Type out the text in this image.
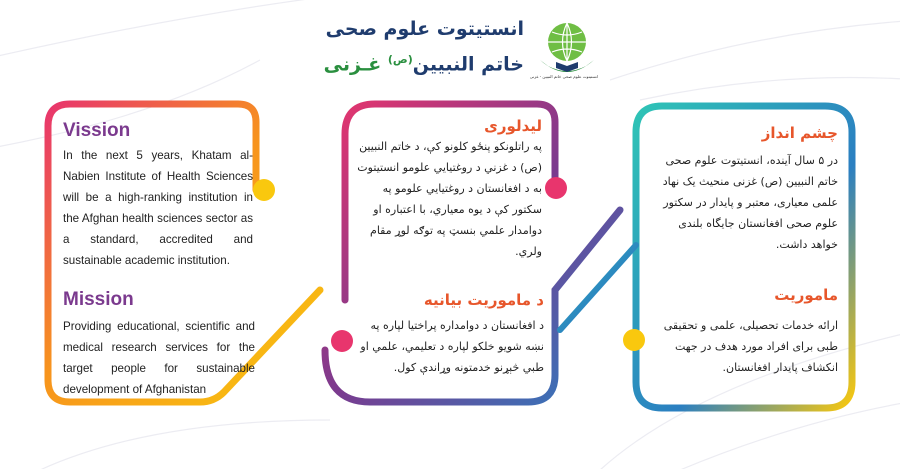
انستیتوت علوم صحی خاتم النبیین - غزنی
انستیتوت علوم صحی
خاتم النبیین$^{(ص)}$ غـزنی
Vission
In the next 5 years, Khatam al-Nabien Institute of Health Sciences will be a high-ranking institution in the Afghan health sciences sector as a standard, accredited and sustainable academic institution.
Mission
Providing educational, scientific and medical research services for the target people for sustainable development of Afghanistan
لیدلوری
په راتلونکو پنځو کلونو کې، د خاتم النبیین (ص) د غزني د روغتیایي علومو انستیتوت به د افغانستان د روغتیایي علومو په سکتور کې د یوه معیاري، با اعتباره او دوامدار علمي بنسټ په توګه لوړ مقام ولري.
د ماموریت بیانیه
د افغانستان د دوامداره پراختیا لپاره په نښه شویو خلکو لپاره د تعلیمي، علمي او طبي څېړنو خدمتونه وړاندې کول.
چشم انداز
در ۵ سال آینده، انستیتوت علوم صحی خاتم النبیین (ص) غزنی منحیث یک نهاد علمی معیاری، معتبر و پایدار در سکتور علوم صحی افغانستان جایگاه بلندی خواهد داشت.
ماموریت
ارائه خدمات تحصیلی، علمی و تحقیقی طبی برای افراد مورد هدف در جهت انکشاف پایدار افغانستان.
